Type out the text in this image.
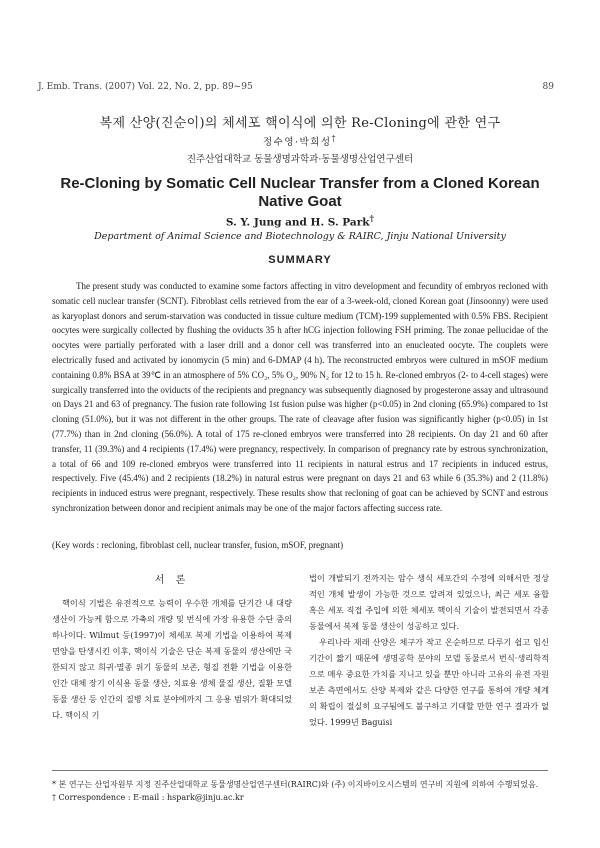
J. Emb. Trans. (2007) Vol. 22, No. 2, pp. 89~95	89
복제 산양(진순이)의 체세포 핵이식에 의한 Re-Cloning에 관한 연구
정수영·박희성†
진주산업대학교 동물생명과학과·동물생명산업연구센터
Re-Cloning by Somatic Cell Nuclear Transfer from a Cloned Korean Native Goat
S. Y. Jung and H. S. Park†
Department of Animal Science and Biotechnology & RAIRC, Jinju National University
SUMMARY
The present study was conducted to examine some factors affecting in vitro development and fecundity of embryos recloned with somatic cell nuclear transfer (SCNT). Fibroblast cells retrieved from the ear of a 3-week-old, cloned Korean goat (Jinsoonny) were used as karyoplast donors and serum-starvation was conducted in tissue culture medium (TCM)-199 supplemented with 0.5% FBS. Recipient oocytes were surgically collected by flushing the oviducts 35 h after hCG injection following FSH priming. The zonae pellucidae of the oocytes were partially perforated with a laser drill and a donor cell was transferred into an enucleated oocyte. The couplets were electrically fused and activated by ionomycin (5 min) and 6-DMAP (4 h). The reconstructed embryos were cultured in mSOF medium containing 0.8% BSA at 39℃ in an atmosphere of 5% CO₂, 5% O₂, 90% N₂ for 12 to 15 h. Re-cloned embryos (2- to 4-cell stages) were surgically transferred into the oviducts of the recipients and pregnancy was subsequently diagnosed by progesterone assay and ultrasound on Days 21 and 63 of pregnancy. The fusion rate following 1st fusion pulse was higher (p<0.05) in 2nd cloning (65.9%) compared to 1st cloning (51.0%), but it was not different in the other groups. The rate of cleavage after fusion was significantly higher (p<0.05) in 1st (77.7%) than in 2nd cloning (56.0%). A total of 175 re-cloned embryos were transferred into 28 recipients. On day 21 and 60 after transfer, 11 (39.3%) and 4 recipients (17.4%) were pregnancy, respectively. In comparison of pregnancy rate by estrous synchronization, a total of 66 and 109 re-cloned embryos were transferred into 11 recipients in natural estrus and 17 recipients in induced estrus, respectively. Five (45.4%) and 2 recipients (18.2%) in natural estrus were pregnant on days 21 and 63 while 6 (35.3%) and 2 (11.8%) recipients in induced estrus were pregnant, respectively. These results show that recloning of goat can be achieved by SCNT and estrous synchronization between donor and recipient animals may be one of the major factors affecting success rate.
(Key words : recloning, fibroblast cell, nuclear transfer, fusion, mSOF, pregnant)
서 론

핵이식 기법은 유전적으로 능력이 우수한 개체를 단기간 내 대량 생산이 가능케 함으로 가축의 개량 및 번식에 가장 유용한 수단 중의 하나이다. Wilmut 등(1997)이 체세포 복제 기법을 이용하여 복제 면양을 탄생시킨 이후, 핵이식 기술은 단순 복제 동물의 생산에만 국한되지 않고 희귀·멸종 위기 동물의 보존, 형질 전환 기법을 이용한 인간 대체 장기 이식용 동물 생산, 치료용 생체 물질 생산, 질환 모델 동물 생산 등 인간의 질병 치료 분야에까지 그 응용 범위가 확대되었다. 핵이식 기

법이 개발되기 전까지는 암수 생식 세포간의 수정에 의해서만 정상적인 개체 발생이 가능한 것으로 알려져 있었으나, 최근 세포 융합 혹은 세포 직접 주입에 의한 체세포 핵이식 기술이 발전되면서 각종 동물에서 복제 동물 생산이 성공하고 있다.

우리나라 재래 산양은 체구가 작고 온순하므로 다루기 쉽고 임신 기간이 짧기 때문에 생명공학 분야의 모델 동물로서 번식·생리학적으로 매우 중요한 가치를 지니고 있을 뿐만 아니라 고유의 유전 자원 보존 측면에서도 산양 복제와 같은 다양한 연구를 통하여 개량 체계의 확립이 절실히 요구됨에도 불구하고 기대할 만한 연구 결과가 없었다. 1999년 Baguisi

* 본 연구는 산업자원부 지정 진주산업대학교 동물생명산업연구센터(RAIRC)와 (주) 이지바이오시스템의 연구비 지원에 의하여 수행되었음.
† Correspondence : E-mail : hspark@jinju.ac.kr
